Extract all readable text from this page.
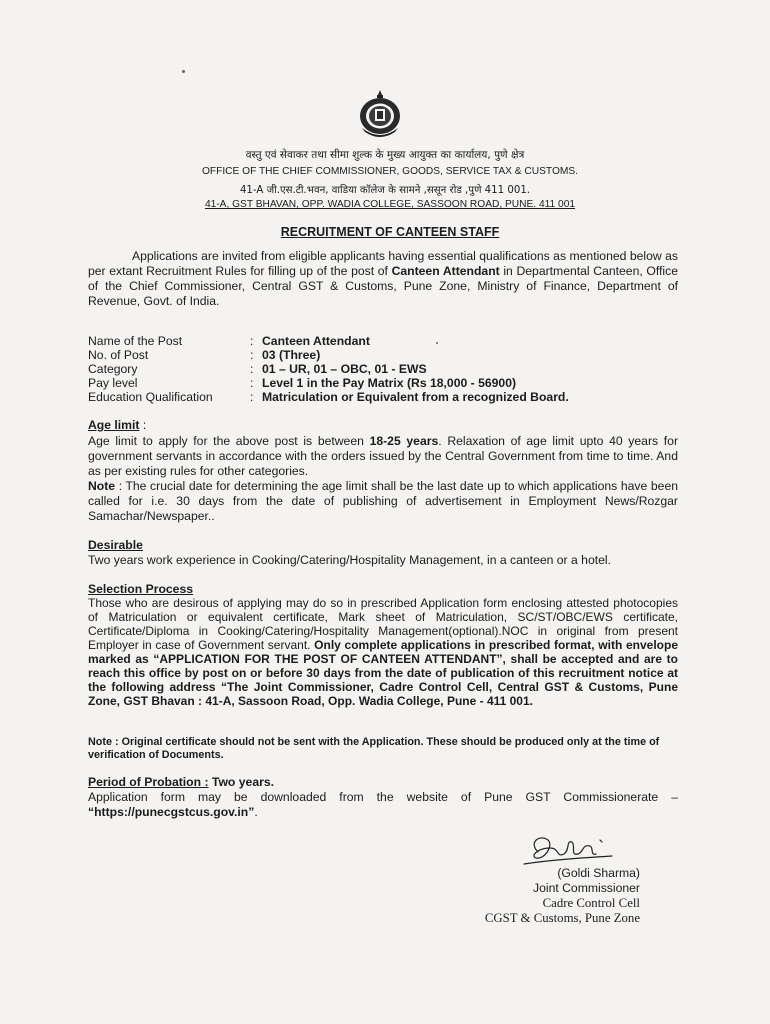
वस्तु एवं सेवाकर तथा सीमा शुल्क के मुख्य आयुक्त का कार्यालय, पुणे क्षेत्र
OFFICE OF THE CHIEF COMMISSIONER, GOODS, SERVICE TAX & CUSTOMS.
41-A जी.एस.टी.भवन, वाडिया कॉलेज के सामने ,ससून रोड ,पुणे 411 001.
41-A, GST BHAVAN, OPP. WADIA COLLEGE, SASSOON ROAD, PUNE. 411 001
RECRUITMENT OF CANTEEN STAFF
Applications are invited from eligible applicants having essential qualifications as mentioned below as per extant Recruitment Rules for filling up of the post of Canteen Attendant in Departmental Canteen, Office of the Chief Commissioner, Central GST & Customs, Pune Zone, Ministry of Finance, Department of Revenue, Govt. of India.
Name of the Post	:	Canteen Attendant
No. of Post	:	03 (Three)
Category	:	01 – UR, 01 – OBC, 01 - EWS
Pay level	:	Level 1 in the Pay Matrix (Rs 18,000 - 56900)
Education Qualification	:	Matriculation or Equivalent from a recognized Board.
Age limit :
Age limit to apply for the above post is between 18-25 years. Relaxation of age limit upto 40 years for government servants in accordance with the orders issued by the Central Government from time to time. And as per existing rules for other categories.
Note : The crucial date for determining the age limit shall be the last date up to which applications have been called for i.e. 30 days from the date of publishing of advertisement in Employment News/Rozgar Samachar/Newspaper..
Desirable
Two years work experience in Cooking/Catering/Hospitality Management, in a canteen or a hotel.
Selection Process
Those who are desirous of applying may do so in prescribed Application form enclosing attested photocopies of Matriculation or equivalent certificate, Mark sheet of Matriculation, SC/ST/OBC/EWS certificate, Certificate/Diploma in Cooking/Catering/Hospitality Management(optional).NOC in original from present Employer in case of Government servant. Only complete applications in prescribed format, with envelope marked as “APPLICATION FOR THE POST OF CANTEEN ATTENDANT”, shall be accepted and are to reach this office by post on or before 30 days from the date of publication of this recruitment notice at the following address “The Joint Commissioner, Cadre Control Cell, Central GST & Customs, Pune Zone, GST Bhavan : 41-A, Sassoon Road, Opp. Wadia College, Pune - 411 001.
Note : Original certificate should not be sent with the Application. These should be produced only at the time of verification of Documents.
Period of Probation : Two years.
Application form may be downloaded from the website of Pune GST Commissionerate – “https://punecgstcus.gov.in”.
(Goldi Sharma)
Joint Commissioner
Cadre Control Cell
CGST & Customs, Pune Zone
